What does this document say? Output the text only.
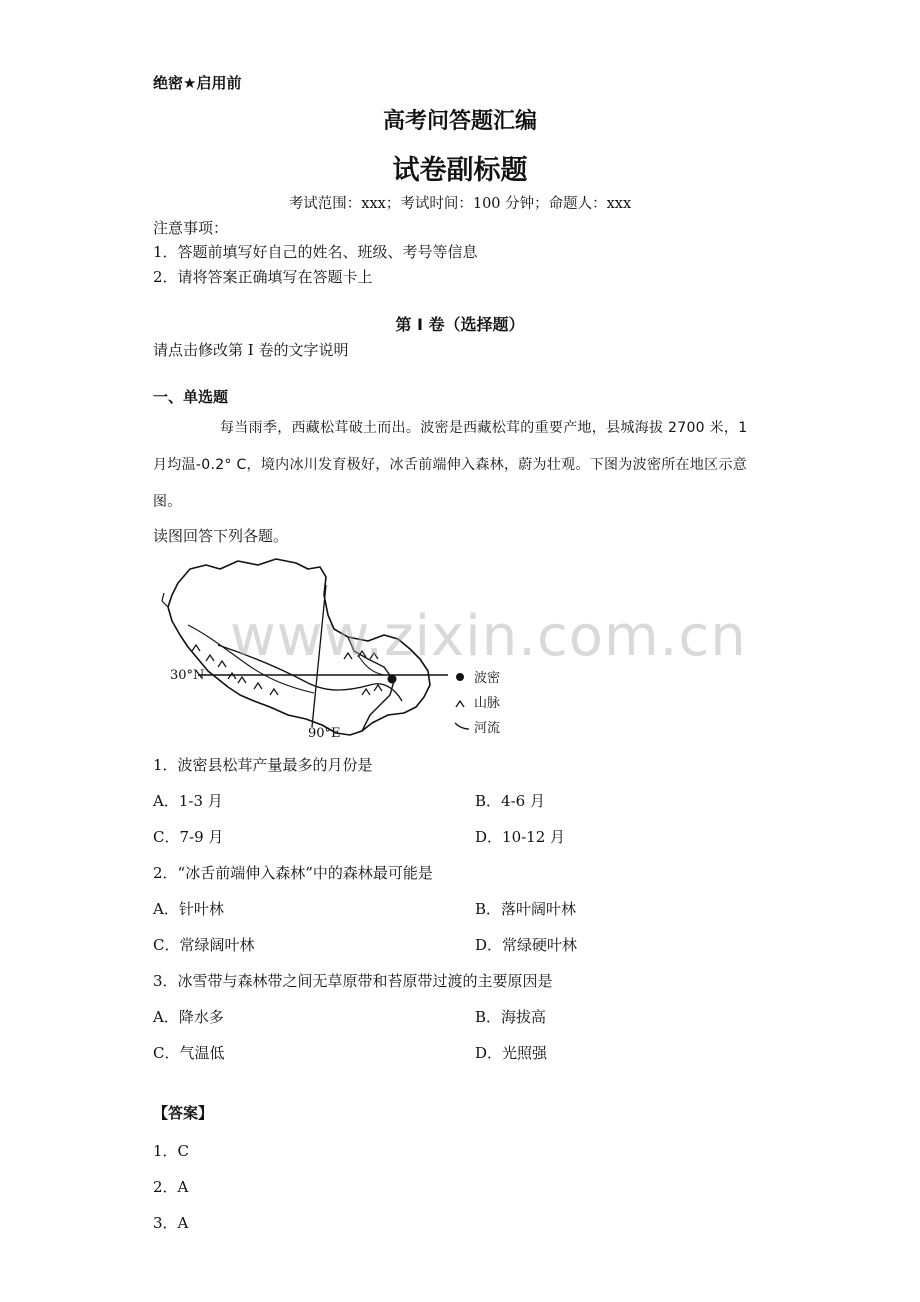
绝密★启用前
高考问答题汇编
试卷副标题
考试范围：xxx；考试时间：100 分钟；命题人：xxx
注意事项：
1．答题前填写好自己的姓名、班级、考号等信息
2．请将答案正确填写在答题卡上
第 I 卷（选择题）
请点击修改第 I 卷的文字说明
一、单选题
每当雨季，西藏松茸破土而出。波密是西藏松茸的重要产地，县城海拔 2700 米，1 月均温-0.2° C，境内冰川发育极好，冰舌前端伸入森林，蔚为壮观。下图为波密所在地区示意图。
读图回答下列各题。
30°N
90°E
波密
山脉
河流
www.zixin.com.cn
1．波密县松茸产量最多的月份是
A．1-3 月	B．4-6 月
C．7-9 月	D．10-12 月
2．“冰舌前端伸入森林”中的森林最可能是
A．针叶林	B．落叶阔叶林
C．常绿阔叶林	D．常绿硬叶林
3．冰雪带与森林带之间无草原带和苔原带过渡的主要原因是
A．降水多	B．海拔高
C．气温低	D．光照强
【答案】
1．C
2．A
3．A
